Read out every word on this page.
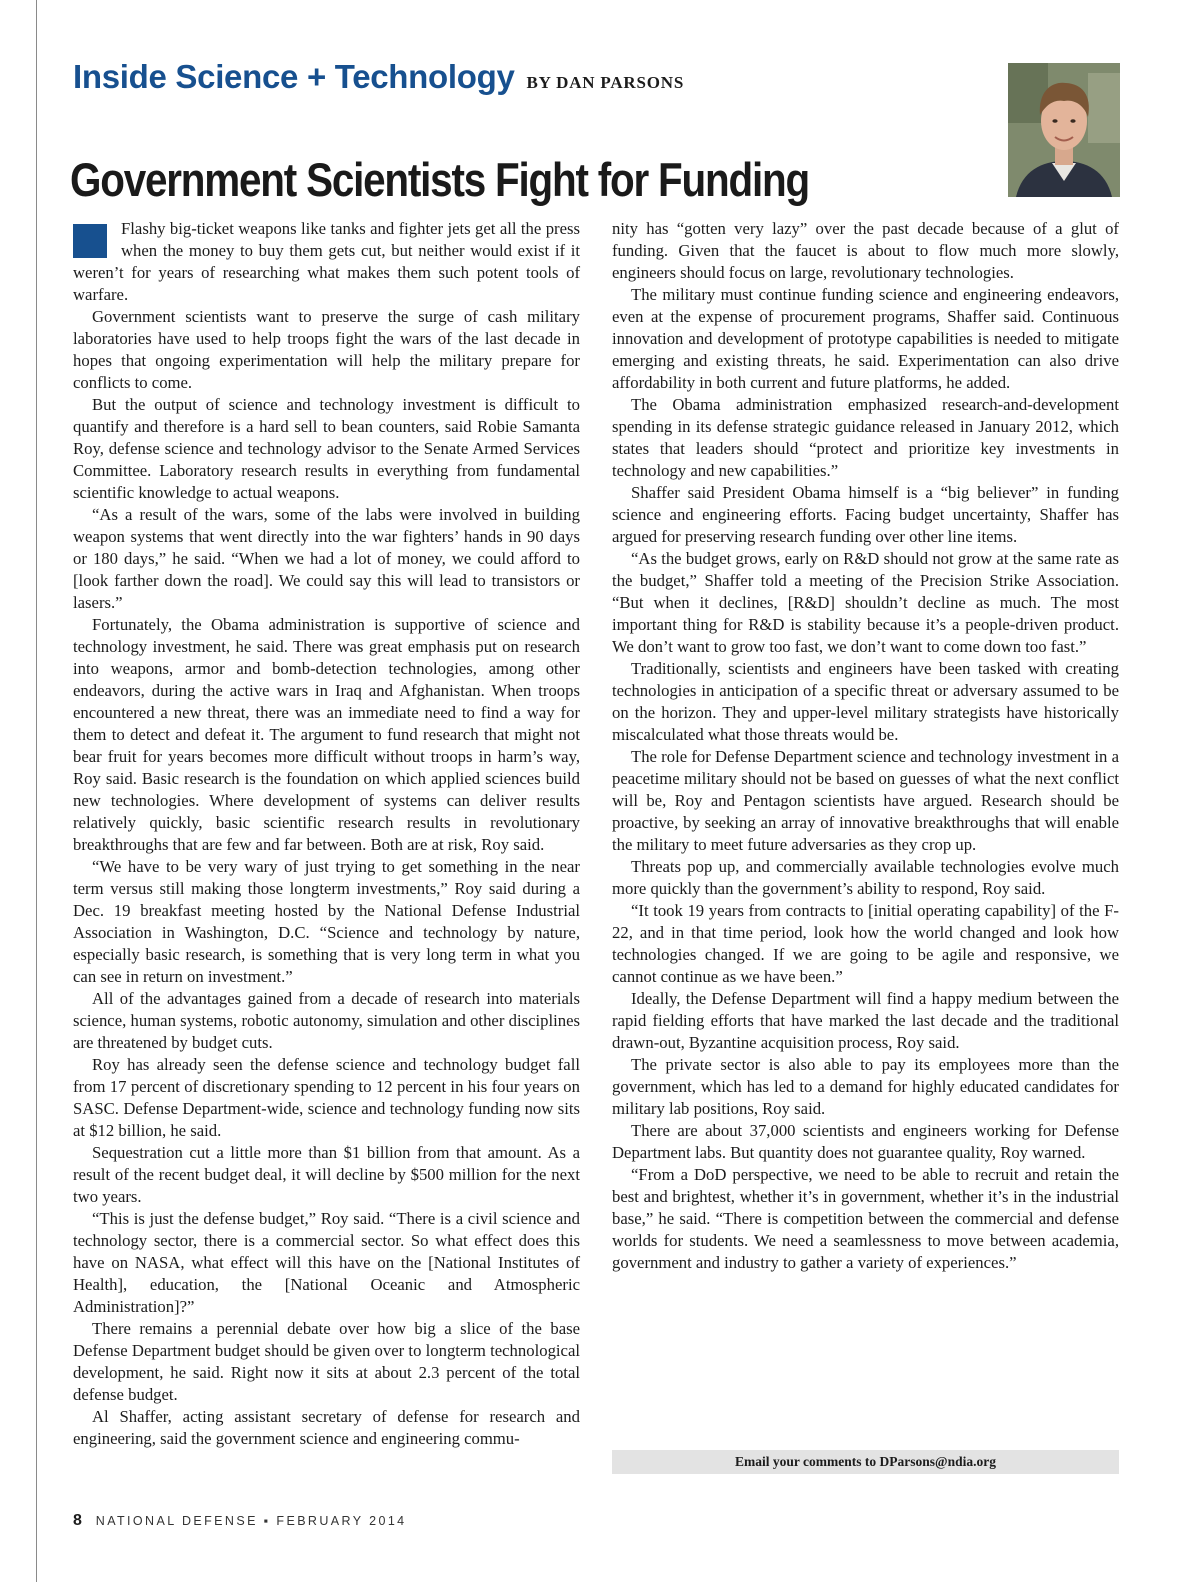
Inside Science + Technology BY DAN PARSONS
Government Scientists Fight for Funding

Flashy big-ticket weapons like tanks and fighter jets get all the press when the money to buy them gets cut, but neither would exist if it weren’t for years of researching what makes them such potent tools of warfare.

Government scientists want to preserve the surge of cash military laboratories have used to help troops fight the wars of the last decade in hopes that ongoing experimentation will help the military prepare for conflicts to come.

But the output of science and technology investment is difficult to quantify and therefore is a hard sell to bean counters, said Robie Samanta Roy, defense science and technology advisor to the Senate Armed Services Committee. Laboratory research results in everything from fundamental scientific knowledge to actual weapons.

“As a result of the wars, some of the labs were involved in building weapon systems that went directly into the war fighters’ hands in 90 days or 180 days,” he said. “When we had a lot of money, we could afford to [look farther down the road]. We could say this will lead to transistors or lasers.”

Fortunately, the Obama administration is supportive of science and technology investment, he said. There was great emphasis put on research into weapons, armor and bomb-detection technologies, among other endeavors, during the active wars in Iraq and Afghanistan. When troops encountered a new threat, there was an immediate need to find a way for them to detect and defeat it. The argument to fund research that might not bear fruit for years becomes more difficult without troops in harm’s way, Roy said. Basic research is the foundation on which applied sciences build new technologies. Where development of systems can deliver results relatively quickly, basic scientific research results in revolutionary breakthroughs that are few and far between. Both are at risk, Roy said.

“We have to be very wary of just trying to get something in the near term versus still making those longterm investments,” Roy said during a Dec. 19 breakfast meeting hosted by the National Defense Industrial Association in Washington, D.C. “Science and technology by nature, especially basic research, is something that is very long term in what you can see in return on investment.”

All of the advantages gained from a decade of research into materials science, human systems, robotic autonomy, simulation and other disciplines are threatened by budget cuts.

Roy has already seen the defense science and technology budget fall from 17 percent of discretionary spending to 12 percent in his four years on SASC. Defense Department-wide, science and technology funding now sits at $12 billion, he said.

Sequestration cut a little more than $1 billion from that amount. As a result of the recent budget deal, it will decline by $500 million for the next two years.

“This is just the defense budget,” Roy said. “There is a civil science and technology sector, there is a commercial sector. So what effect does this have on NASA, what effect will this have on the [National Institutes of Health], education, the [National Oceanic and Atmospheric Administration]?”

There remains a perennial debate over how big a slice of the base Defense Department budget should be given over to longterm technological development, he said. Right now it sits at about 2.3 percent of the total defense budget.

Al Shaffer, acting assistant secretary of defense for research and engineering, said the government science and engineering commu-

nity has “gotten very lazy” over the past decade because of a glut of funding. Given that the faucet is about to flow much more slowly, engineers should focus on large, revolutionary technologies.

The military must continue funding science and engineering endeavors, even at the expense of procurement programs, Shaffer said. Continuous innovation and development of prototype capabilities is needed to mitigate emerging and existing threats, he said. Experimentation can also drive affordability in both current and future platforms, he added.

The Obama administration emphasized research-and-development spending in its defense strategic guidance released in January 2012, which states that leaders should “protect and prioritize key investments in technology and new capabilities.”

Shaffer said President Obama himself is a “big believer” in funding science and engineering efforts. Facing budget uncertainty, Shaffer has argued for preserving research funding over other line items.

“As the budget grows, early on R&D should not grow at the same rate as the budget,” Shaffer told a meeting of the Precision Strike Association. “But when it declines, [R&D] shouldn’t decline as much. The most important thing for R&D is stability because it’s a people-driven product. We don’t want to grow too fast, we don’t want to come down too fast.”

Traditionally, scientists and engineers have been tasked with creating technologies in anticipation of a specific threat or adversary assumed to be on the horizon. They and upper-level military strategists have historically miscalculated what those threats would be.

The role for Defense Department science and technology investment in a peacetime military should not be based on guesses of what the next conflict will be, Roy and Pentagon scientists have argued. Research should be proactive, by seeking an array of innovative breakthroughs that will enable the military to meet future adversaries as they crop up.

Threats pop up, and commercially available technologies evolve much more quickly than the government’s ability to respond, Roy said.

“It took 19 years from contracts to [initial operating capability] of the F-22, and in that time period, look how the world changed and look how technologies changed. If we are going to be agile and responsive, we cannot continue as we have been.”

Ideally, the Defense Department will find a happy medium between the rapid fielding efforts that have marked the last decade and the traditional drawn-out, Byzantine acquisition process, Roy said.

The private sector is also able to pay its employees more than the government, which has led to a demand for highly educated candidates for military lab positions, Roy said.

There are about 37,000 scientists and engineers working for Defense Department labs. But quantity does not guarantee quality, Roy warned.

“From a DoD perspective, we need to be able to recruit and retain the best and brightest, whether it’s in government, whether it’s in the industrial base,” he said. “There is competition between the commercial and defense worlds for students. We need a seamlessness to move between academia, government and industry to gather a variety of experiences.”

Email your comments to DParsons@ndia.org
8 NATIONAL DEFENSE ▪ FEBRUARY 2014
